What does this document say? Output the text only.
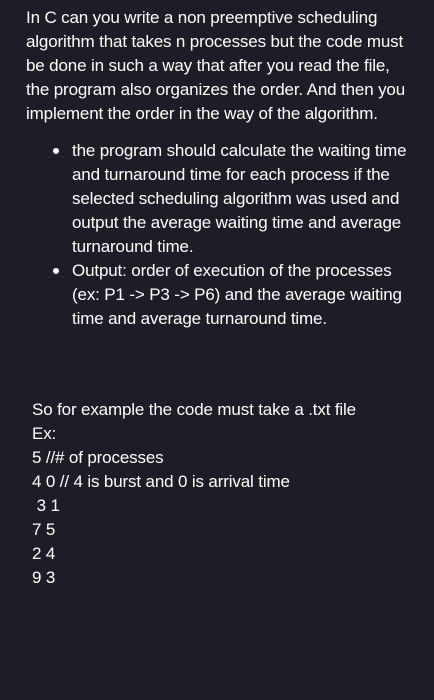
In C can you write a non preemptive scheduling algorithm that takes n processes but the code must be done in such a way that after you read the file, the program also organizes the order. And then you implement the order in the way of the algorithm.

the program should calculate the waiting time and turnaround time for each process if the selected scheduling algorithm was used and output the average waiting time and average turnaround time.
Output: order of execution of the processes (ex: P1 -> P3 -> P6) and the average waiting time and average turnaround time.
So for example the code must take a .txt file
Ex:
5 //# of processes
4 0 // 4 is burst and 0 is arrival time
3 1
7 5
2 4
9 3
